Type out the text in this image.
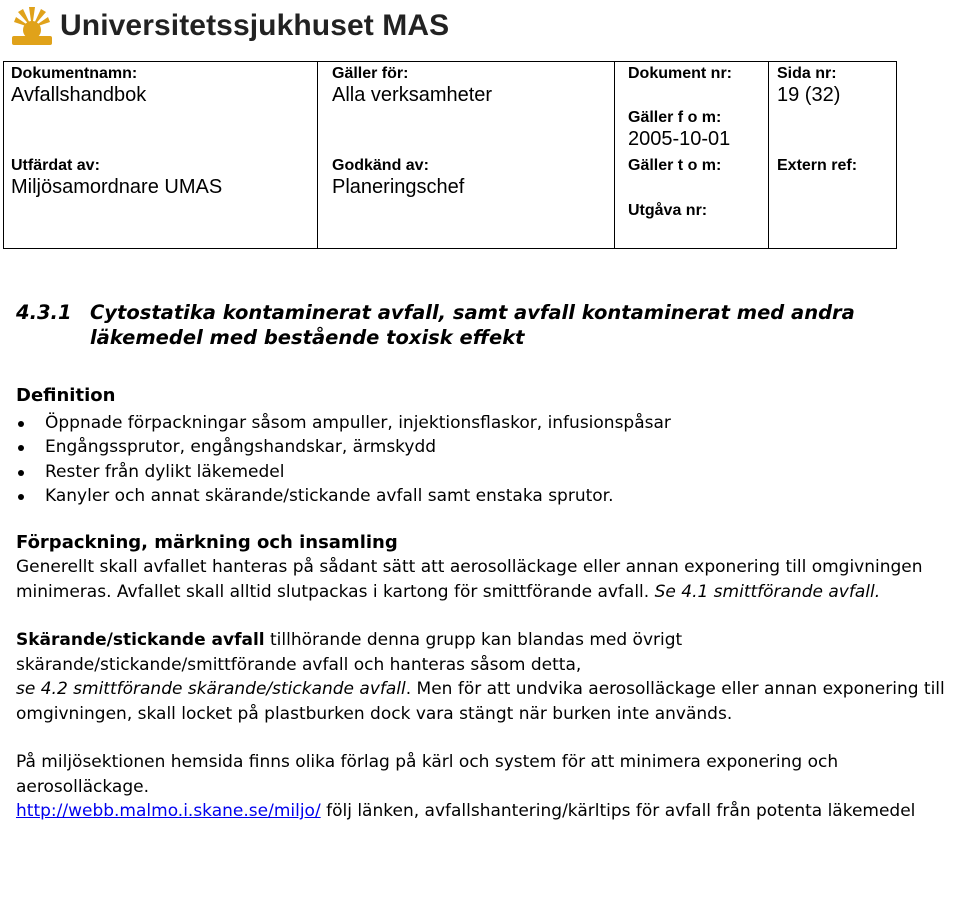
Universitetssjukhuset MAS
Dokumentnamn:
Avfallshandbok
Gäller för:
Alla verksamheter
Dokument nr:	Sida nr:
19 (32)
Gäller f o m:
2005-10-01
Utfärdat av:
Miljösamordnare UMAS
Godkänd av:
Planeringschef
Gäller t o m:	Extern ref:
Utgåva nr:
4.3.1 Cytostatika kontaminerat avfall, samt avfall kontaminerat med andra läkemedel med bestående toxisk effekt
Definition
Öppnade förpackningar såsom ampuller, injektionsflaskor, infusionspåsar
Engångssprutor, engångshandskar, ärmskydd
Rester från dylikt läkemedel
Kanyler och annat skärande/stickande avfall samt enstaka sprutor.
Förpackning, märkning och insamling

Generellt skall avfallet hanteras på sådant sätt att aerosolläckage eller annan exponering till omgivningen minimeras. Avfallet skall alltid slutpackas i kartong för smittförande avfall. Se 4.1 smittförande avfall.

Skärande/stickande avfall tillhörande denna grupp kan blandas med övrigt skärande/stickande/smittförande avfall och hanteras såsom detta,
se 4.2 smittförande skärande/stickande avfall. Men för att undvika aerosolläckage eller annan exponering till omgivningen, skall locket på plastburken dock vara stängt när burken inte används.

På miljösektionen hemsida finns olika förlag på kärl och system för att minimera exponering och aerosolläckage.
http://webb.malmo.i.skane.se/miljo/ följ länken, avfallshantering/kärltips för avfall från potenta läkemedel
